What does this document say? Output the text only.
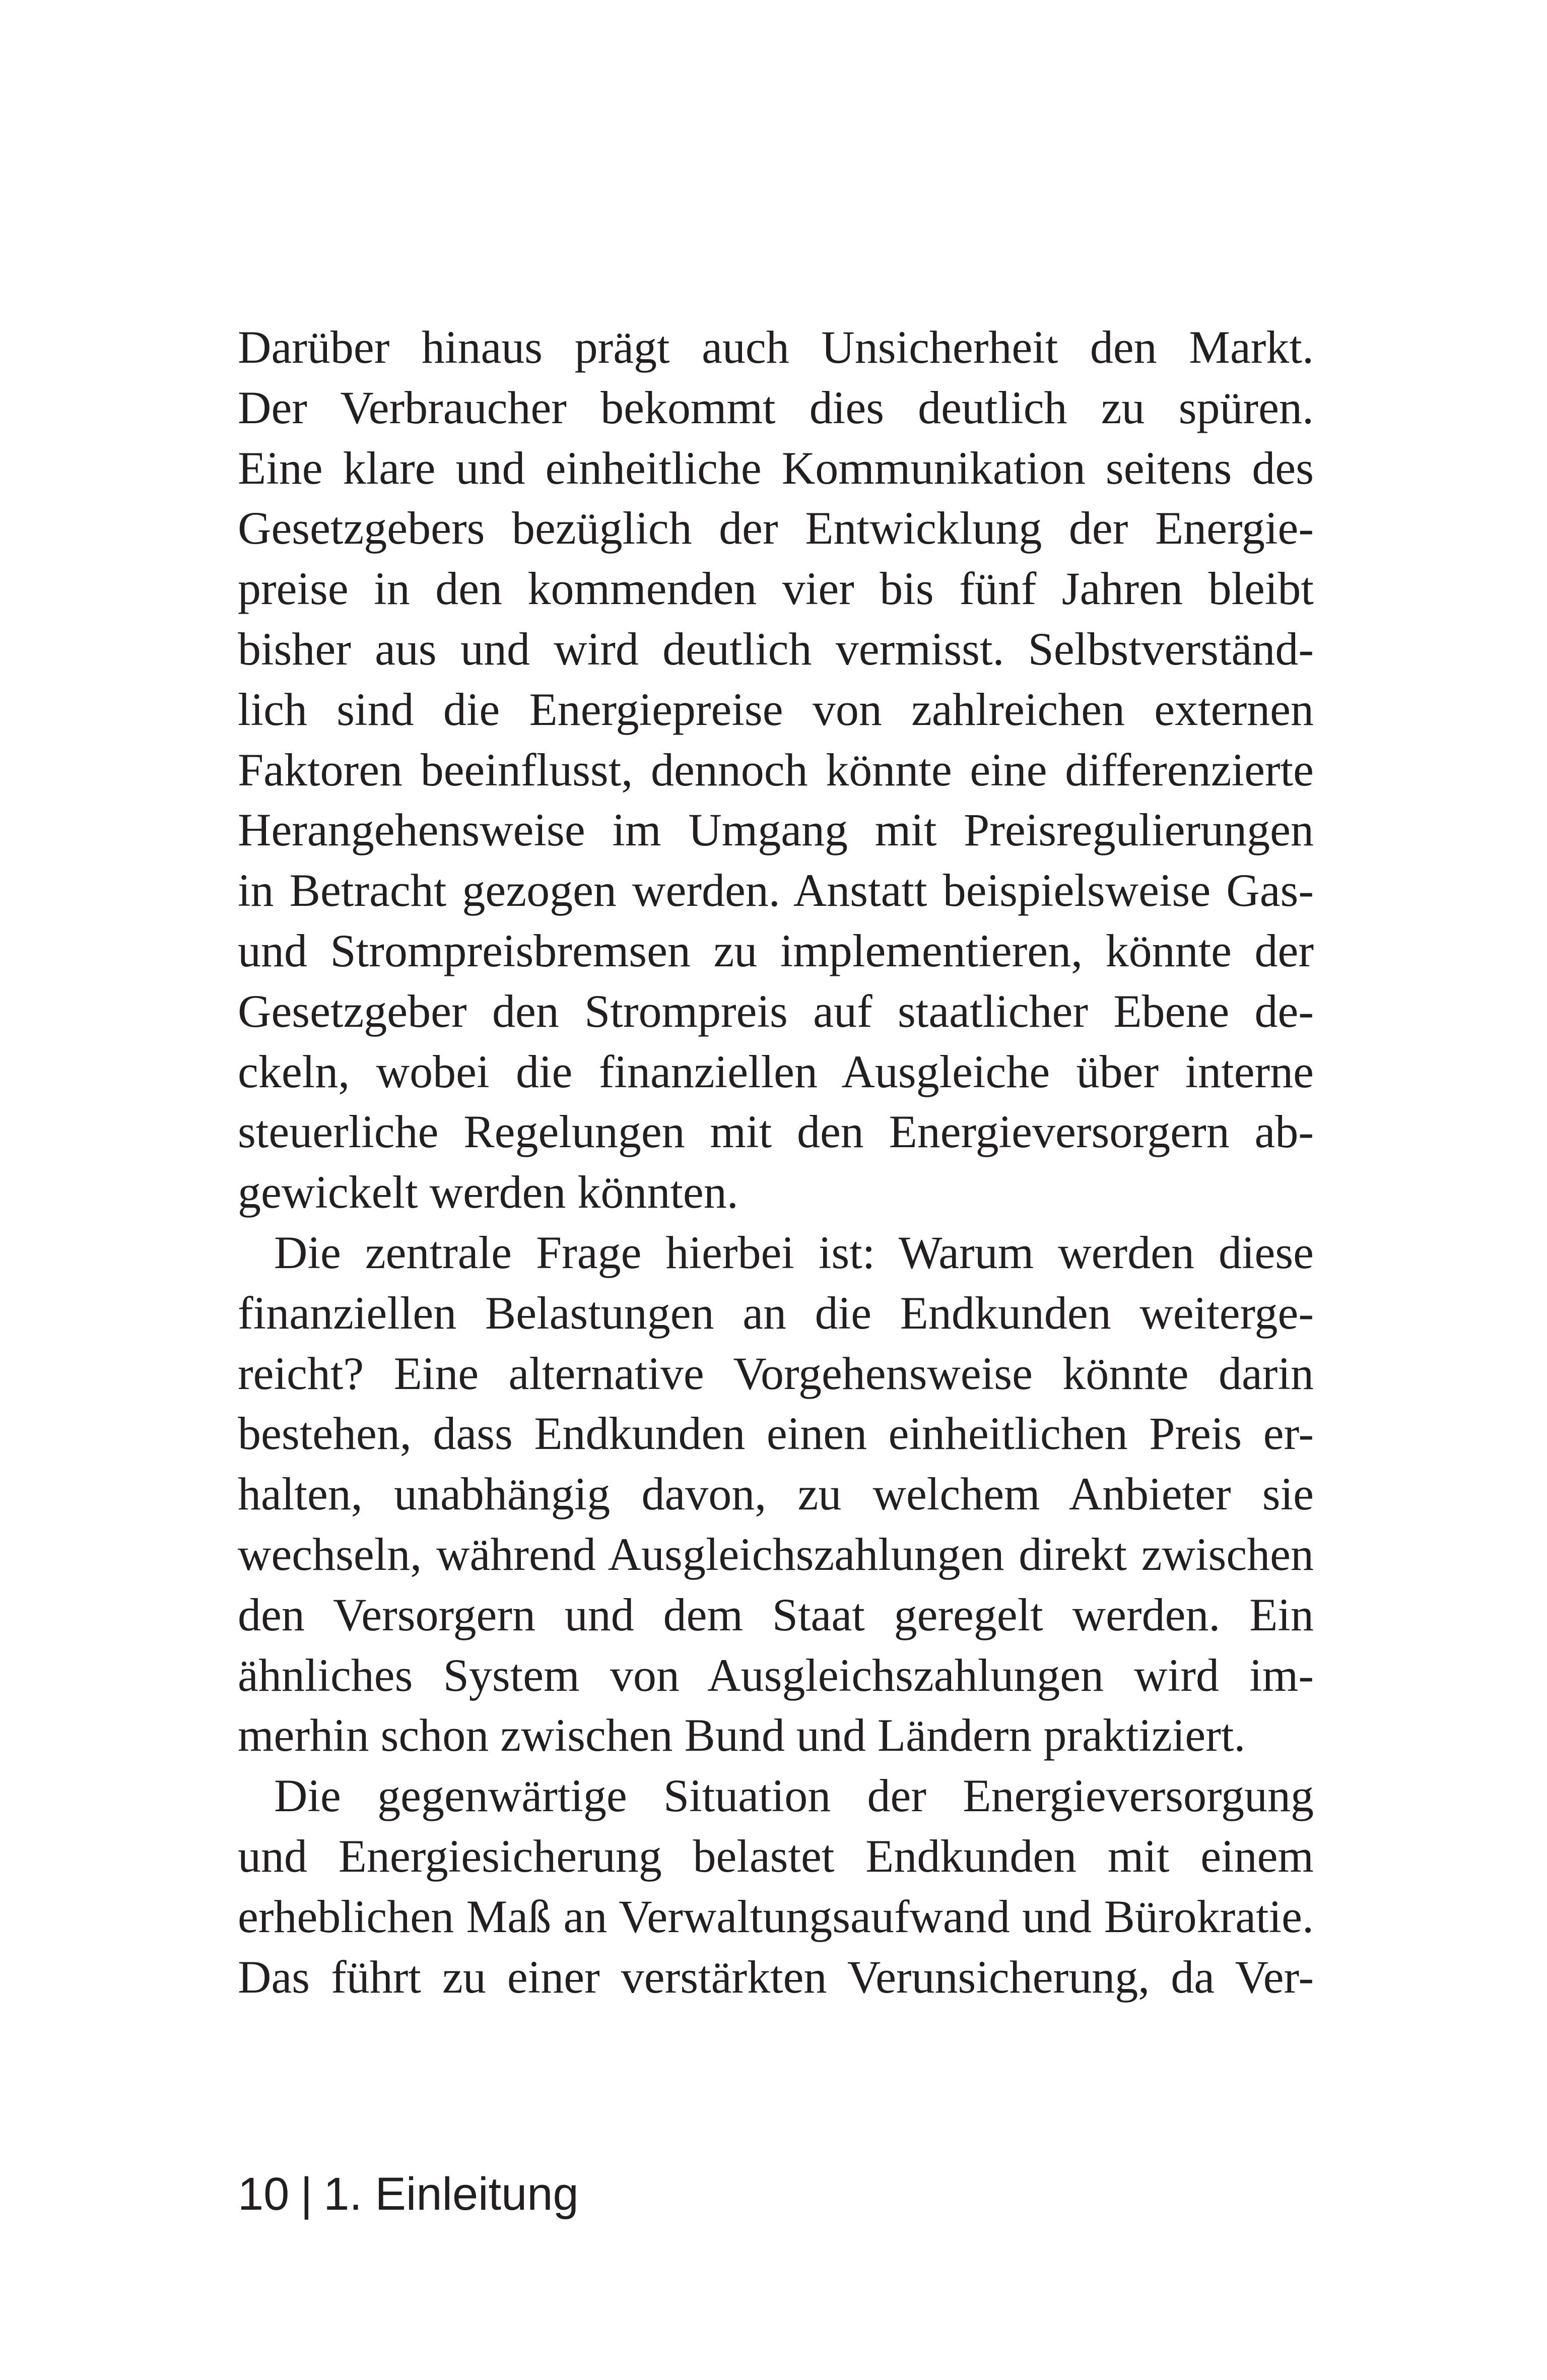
Darüber hinaus prägt auch Unsicherheit den Markt.
Der Verbraucher bekommt dies deutlich zu spüren.
Eine klare und einheitliche Kommunikation seitens des
Gesetzgebers bezüglich der Entwicklung der Energie-
preise in den kommenden vier bis fünf Jahren bleibt
bisher aus und wird deutlich vermisst. Selbstverständ-
lich sind die Energiepreise von zahlreichen externen
Faktoren beeinflusst, dennoch könnte eine differenzierte
Herangehensweise im Umgang mit Preisregulierungen
in Betracht gezogen werden. Anstatt beispielsweise Gas-
und Strompreisbremsen zu implementieren, könnte der
Gesetzgeber den Strompreis auf staatlicher Ebene de-
ckeln, wobei die finanziellen Ausgleiche über interne
steuerliche Regelungen mit den Energieversorgern ab-
gewickelt werden könnten.
Die zentrale Frage hierbei ist: Warum werden diese
finanziellen Belastungen an die Endkunden weiterge-
reicht? Eine alternative Vorgehensweise könnte darin
bestehen, dass Endkunden einen einheitlichen Preis er-
halten, unabhängig davon, zu welchem Anbieter sie
wechseln, während Ausgleichszahlungen direkt zwischen
den Versorgern und dem Staat geregelt werden. Ein
ähnliches System von Ausgleichszahlungen wird im-
merhin schon zwischen Bund und Ländern praktiziert.
Die gegenwärtige Situation der Energieversorgung
und Energiesicherung belastet Endkunden mit einem
erheblichen Maß an Verwaltungsaufwand und Bürokratie.
Das führt zu einer verstärkten Verunsicherung, da Ver-
10 | 1. Einleitung
